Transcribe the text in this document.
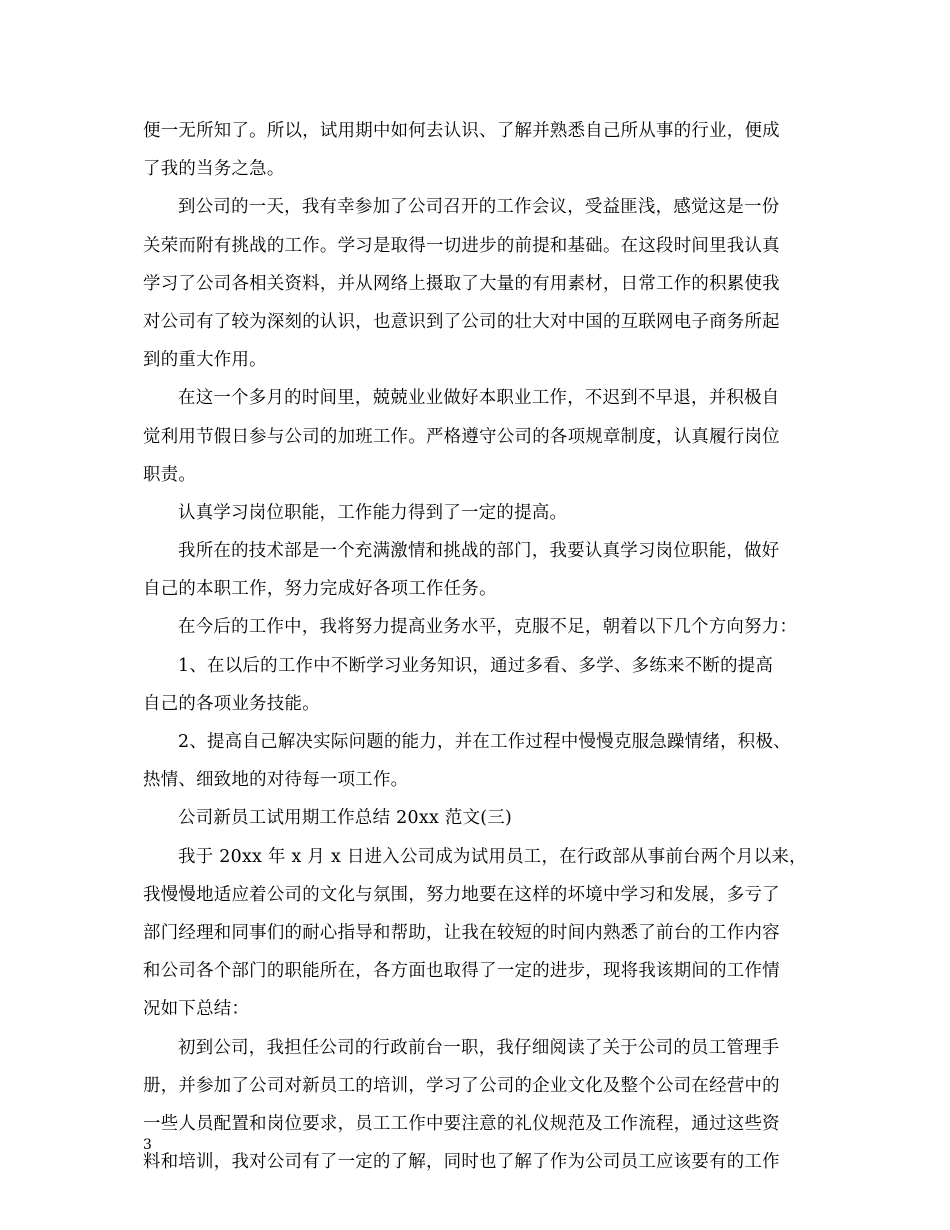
便一无所知了。所以，试用期中如何去认识、了解并熟悉自己所从事的行业，便成
了我的当务之急。
到公司的一天，我有幸参加了公司召开的工作会议，受益匪浅，感觉这是一份
关荣而附有挑战的工作。学习是取得一切进步的前提和基础。在这段时间里我认真
学习了公司各相关资料，并从网络上摄取了大量的有用素材，日常工作的积累使我
对公司有了较为深刻的认识，也意识到了公司的壮大对中国的互联网电子商务所起
到的重大作用。
在这一个多月的时间里，兢兢业业做好本职业工作，不迟到不早退，并积极自
觉利用节假日参与公司的加班工作。严格遵守公司的各项规章制度，认真履行岗位
职责。
认真学习岗位职能，工作能力得到了一定的提高。
我所在的技术部是一个充满激情和挑战的部门，我要认真学习岗位职能，做好
自己的本职工作，努力完成好各项工作任务。
在今后的工作中，我将努力提高业务水平，克服不足，朝着以下几个方向努力：
1、在以后的工作中不断学习业务知识，通过多看、多学、多练来不断的提高
自己的各项业务技能。
2、提高自己解决实际问题的能力，并在工作过程中慢慢克服急躁情绪，积极、
热情、细致地的对待每一项工作。
公司新员工试用期工作总结 20xx 范文(三)
我于 20xx 年 x 月 x 日进入公司成为试用员工，在行政部从事前台两个月以来，
我慢慢地适应着公司的文化与氛围，努力地要在这样的坏境中学习和发展，多亏了
部门经理和同事们的耐心指导和帮助，让我在较短的时间内熟悉了前台的工作内容
和公司各个部门的职能所在，各方面也取得了一定的进步，现将我该期间的工作情
况如下总结：
初到公司，我担任公司的行政前台一职，我仔细阅读了关于公司的员工管理手
册，并参加了公司对新员工的培训，学习了公司的企业文化及整个公司在经营中的
一些人员配置和岗位要求，员工工作中要注意的礼仪规范及工作流程，通过这些资
料和培训，我对公司有了一定的了解，同时也了解了作为公司员工应该要有的工作
3
